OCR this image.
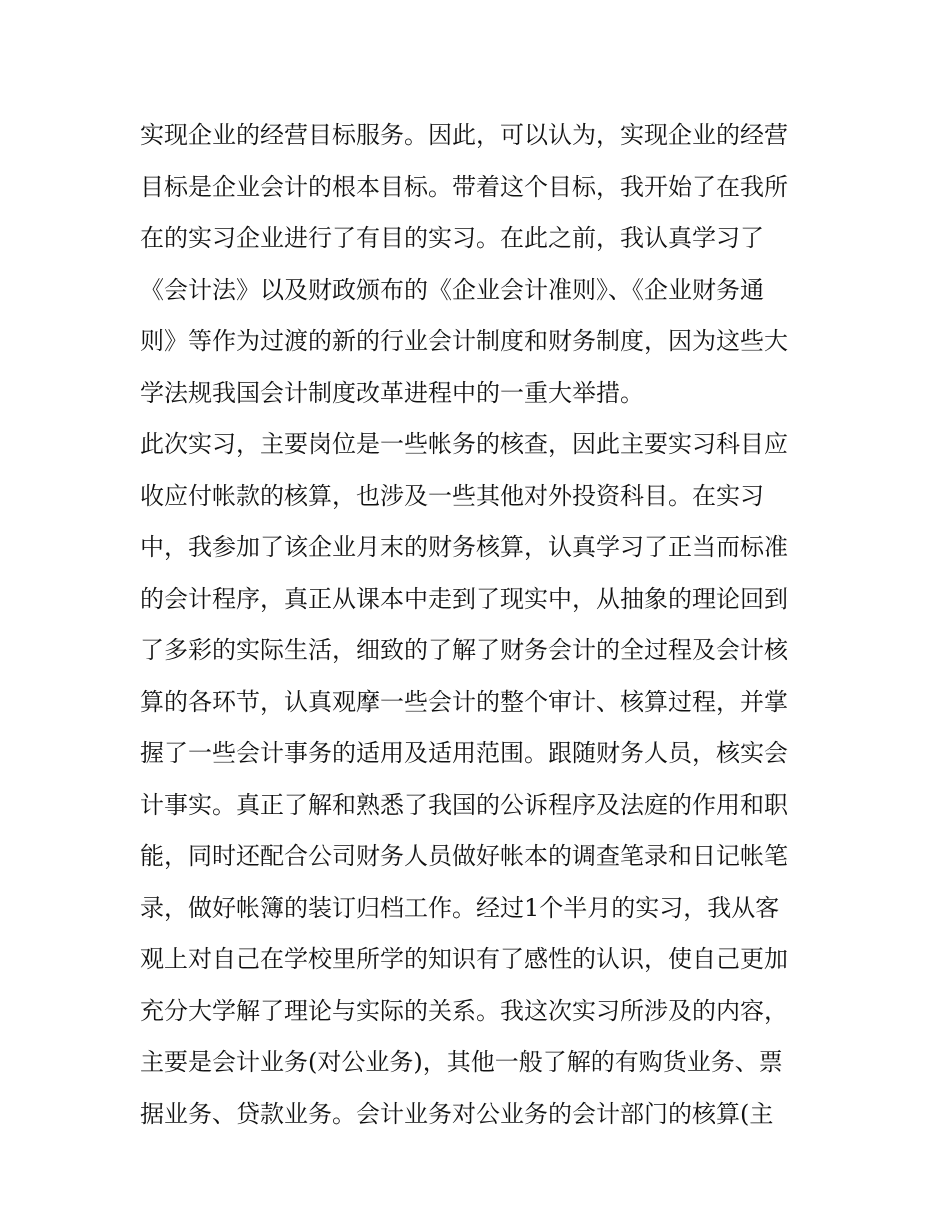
实现企业的经营目标服务。因此，可以认为，实现企业的经营
目标是企业会计的根本目标。带着这个目标，我开始了在我所
在的实习企业进行了有目的实习。在此之前，我认真学习了
《会计法》以及财政颁布的《企业会计准则》、《企业财务通
则》等作为过渡的新的行业会计制度和财务制度，因为这些大
学法规我国会计制度改革进程中的一重大举措。
此次实习，主要岗位是一些帐务的核查，因此主要实习科目应
收应付帐款的核算，也涉及一些其他对外投资科目。在实习
中，我参加了该企业月末的财务核算，认真学习了正当而标准
的会计程序，真正从课本中走到了现实中，从抽象的理论回到
了多彩的实际生活，细致的了解了财务会计的全过程及会计核
算的各环节，认真观摩一些会计的整个审计、核算过程，并掌
握了一些会计事务的适用及适用范围。跟随财务人员，核实会
计事实。真正了解和熟悉了我国的公诉程序及法庭的作用和职
能，同时还配合公司财务人员做好帐本的调查笔录和日记帐笔
录，做好帐簿的装订归档工作。经过1个半月的实习，我从客
观上对自己在学校里所学的知识有了感性的认识，使自己更加
充分大学解了理论与实际的关系。我这次实习所涉及的内容，
主要是会计业务(对公业务)，其他一般了解的有购货业务、票
据业务、贷款业务。会计业务对公业务的会计部门的核算(主
